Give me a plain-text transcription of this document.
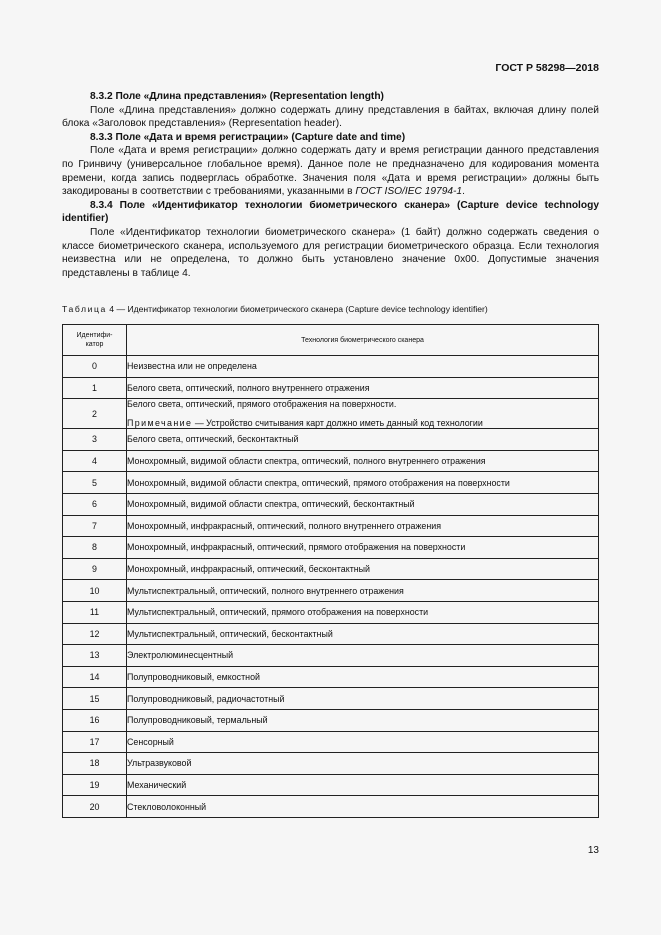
ГОСТ Р 58298—2018

8.3.2 Поле «Длина представления» (Representation length)

Поле «Длина представления» должно содержать длину представления в байтах, включая длину полей блока «Заголовок представления» (Representation header).

8.3.3 Поле «Дата и время регистрации» (Capture date and time)

Поле «Дата и время регистрации» должно содержать дату и время регистрации данного представления по Гринвичу (универсальное глобальное время). Данное поле не предназначено для кодирования момента времени, когда запись подверглась обработке. Значения поля «Дата и время регистрации» должны быть закодированы в соответствии с требованиями, указанными в ГОСТ ISO/IEC 19794-1.

8.3.4 Поле «Идентификатор технологии биометрического сканера» (Capture device technology identifier)

Поле «Идентификатор технологии биометрического сканера» (1 байт) должно содержать сведения о классе биометрического сканера, используемого для регистрации биометрического образца. Если технология неизвестна или не определена, то должно быть установлено значение 0x00. Допустимые значения представлены в таблице 4.

Таблица 4 — Идентификатор технологии биометрического сканера (Capture device technology identifier)
Идентифи-
катор	Технология биометрического сканера
0	Неизвестна или не определена
1	Белого света, оптический, полного внутреннего отражения
2	Белого света, оптический, прямого отображения на поверхности.
Примечание — Устройство считывания карт должно иметь данный код технологии

3	Белого света, оптический, бесконтактный
4	Монохромный, видимой области спектра, оптический, полного внутреннего отражения
5	Монохромный, видимой области спектра, оптический, прямого отображения на поверхности
6	Монохромный, видимой области спектра, оптический, бесконтактный
7	Монохромный, инфракрасный, оптический, полного внутреннего отражения
8	Монохромный, инфракрасный, оптический, прямого отображения на поверхности
9	Монохромный, инфракрасный, оптический, бесконтактный
10	Мультиспектральный, оптический, полного внутреннего отражения
11	Мультиспектральный, оптический, прямого отображения на поверхности
12	Мультиспектральный, оптический, бесконтактный
13	Электролюминесцентный
14	Полупроводниковый, емкостной
15	Полупроводниковый, радиочастотный
16	Полупроводниковый, термальный
17	Сенсорный
18	Ультразвуковой
19	Механический
20	Стекловолоконный
13
